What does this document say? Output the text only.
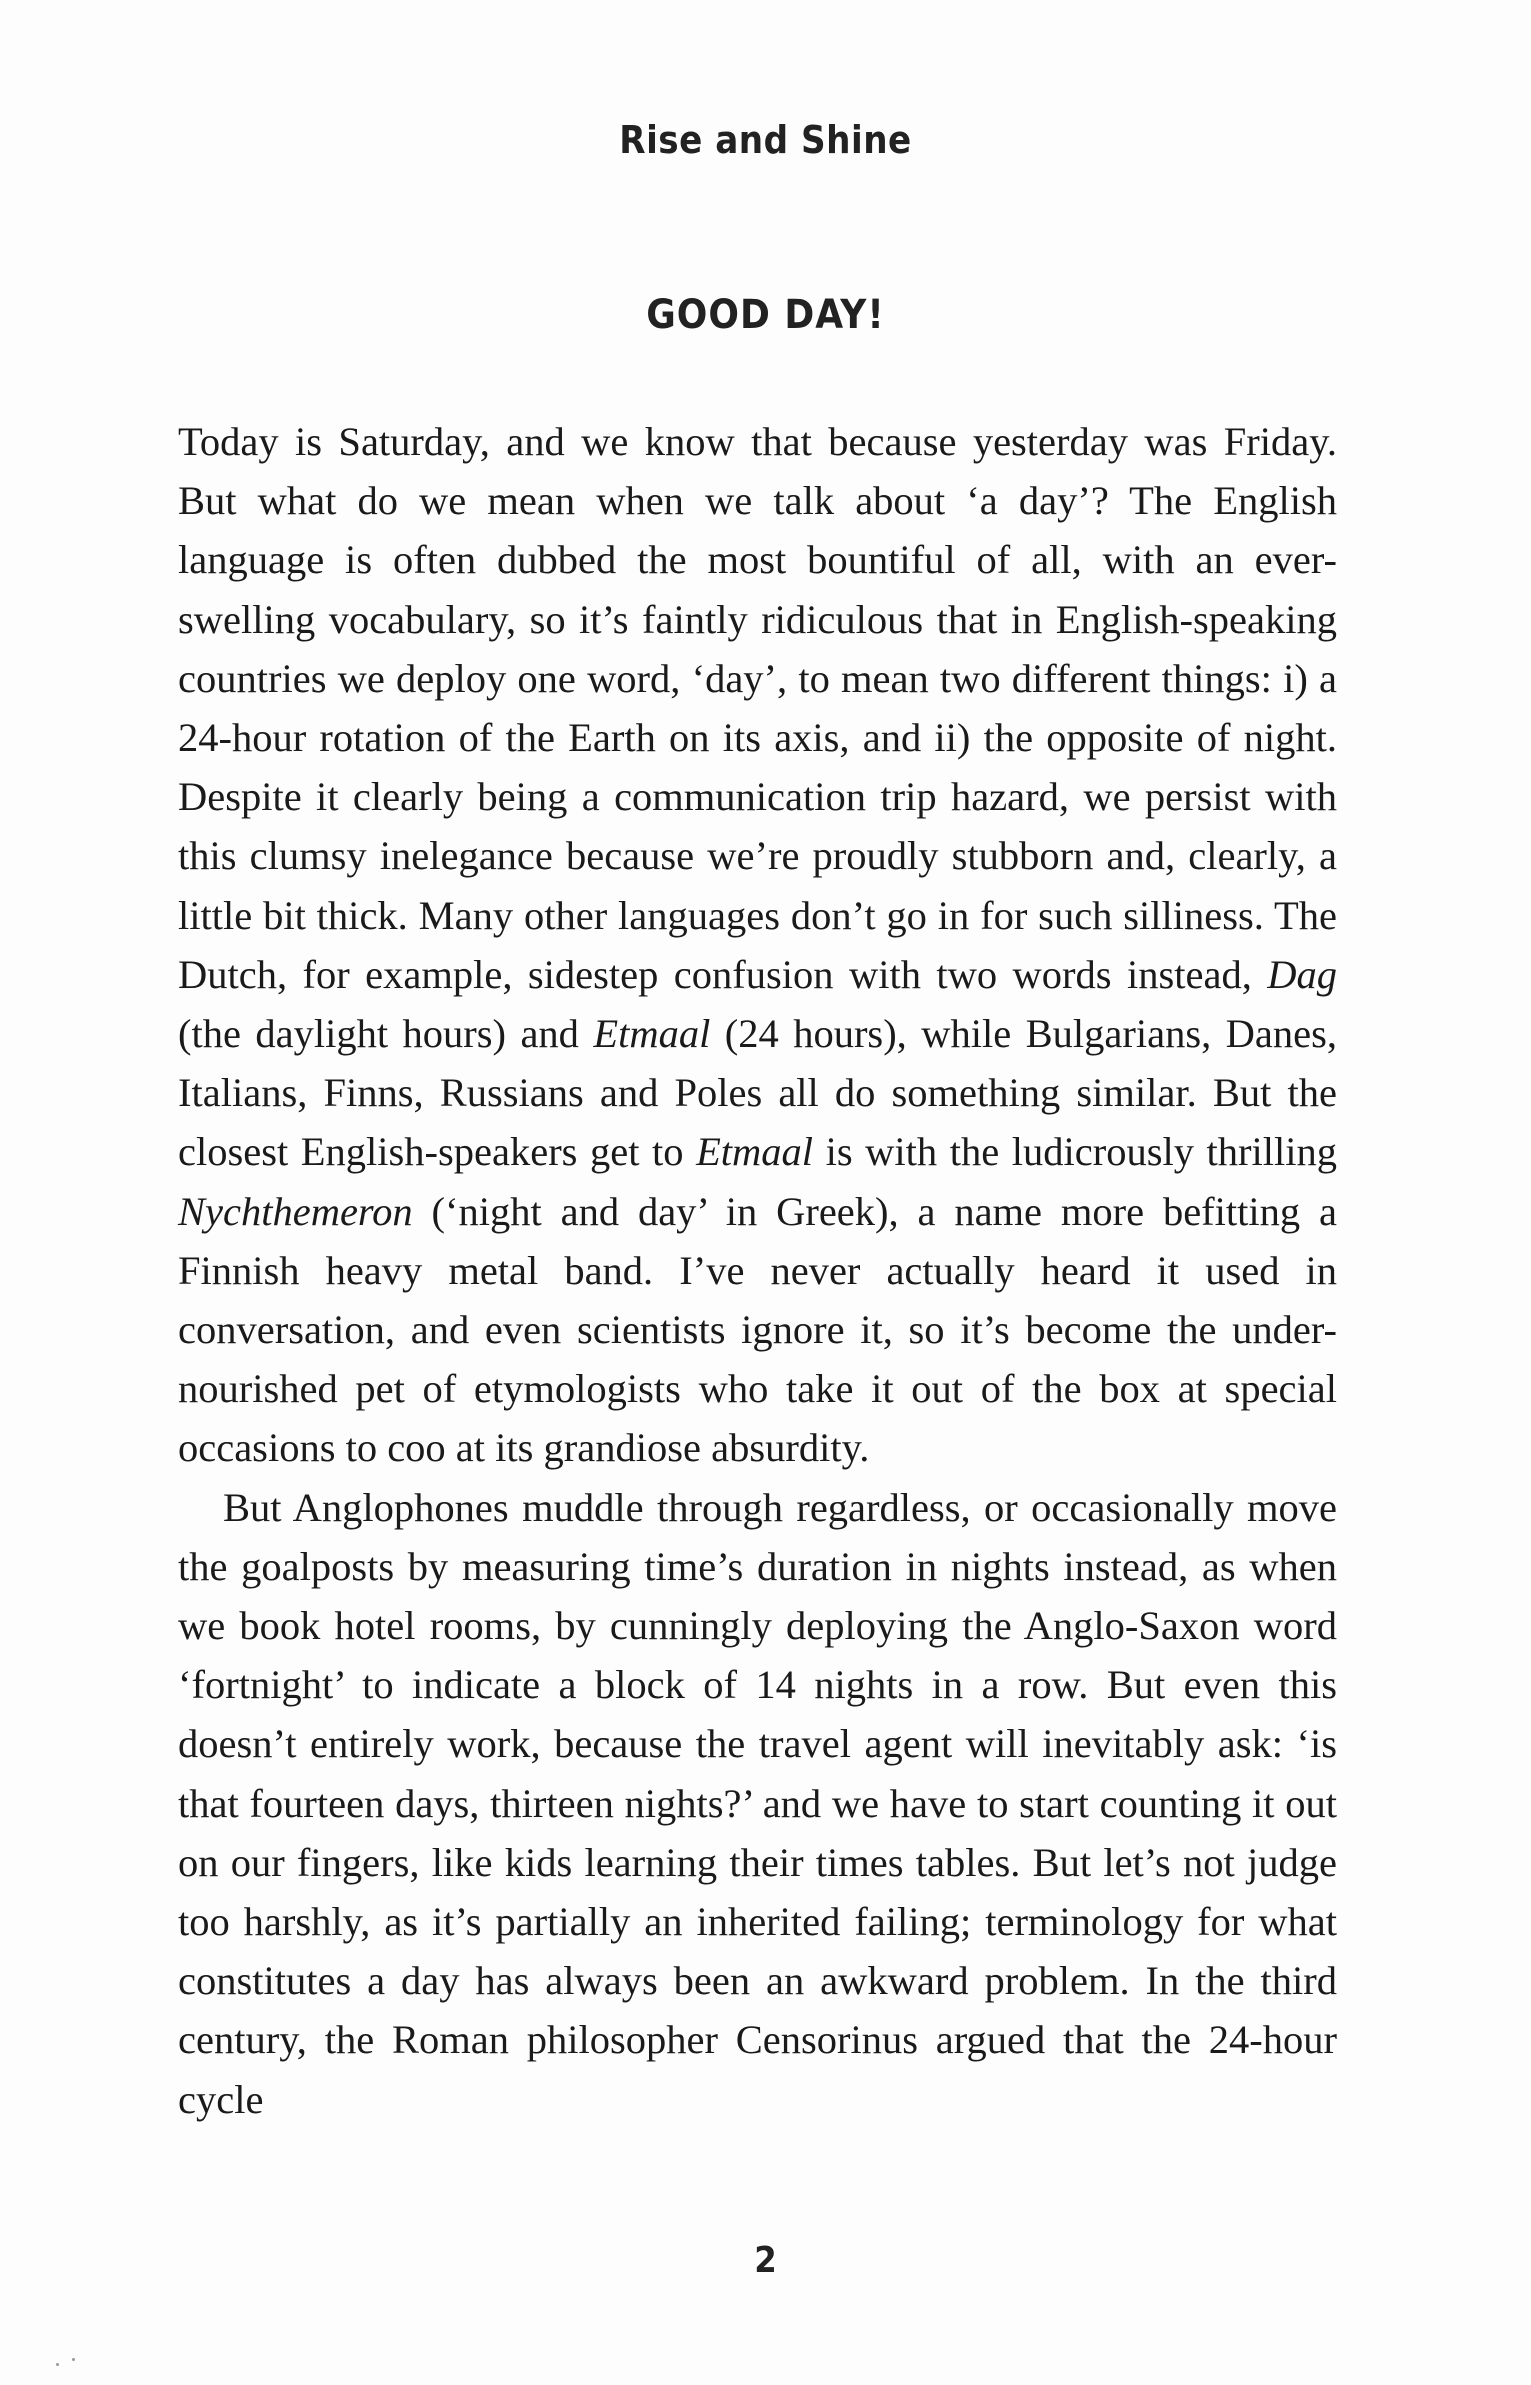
Rise and Shine
GOOD DAY!

Today is Saturday, and we know that because yesterday was Friday. But what do we mean when we talk about ‘a day’? The English language is often dubbed the most bountiful of all, with an ever-swelling vocabulary, so it’s faintly ridiculous that in English-speaking countries we deploy one word, ‘day’, to mean two different things: i) a 24-hour rotation of the Earth on its axis, and ii) the opposite of night. Despite it clearly being a communication trip hazard, we persist with this clumsy inelegance because we’re proudly stubborn and, clearly, a little bit thick. Many other languages don’t go in for such silliness. The Dutch, for example, sidestep confusion with two words instead, Dag (the daylight hours) and Etmaal (24 hours), while Bulgarians, Danes, Italians, Finns, Russians and Poles all do something similar. But the closest English-speakers get to Etmaal is with the ludicrously thrilling Nychthemeron (‘night and day’ in Greek), a name more befitting a Finnish heavy metal band. I’ve never actually heard it used in conversation, and even scientists ignore it, so it’s become the under-nourished pet of etymologists who take it out of the box at special occasions to coo at its grandiose absurdity.

But Anglophones muddle through regardless, or occasionally move the goalposts by measuring time’s duration in nights instead, as when we book hotel rooms, by cunningly deploying the Anglo-Saxon word ‘fortnight’ to indicate a block of 14 nights in a row. But even this doesn’t entirely work, because the travel agent will inevitably ask: ‘is that fourteen days, thirteen nights?’ and we have to start counting it out on our fingers, like kids learning their times tables. But let’s not judge too harshly, as it’s partially an inherited failing; terminology for what constitutes a day has always been an awkward problem. In the third century, the Roman philosopher Censorinus argued that the 24-hour cycle

2
